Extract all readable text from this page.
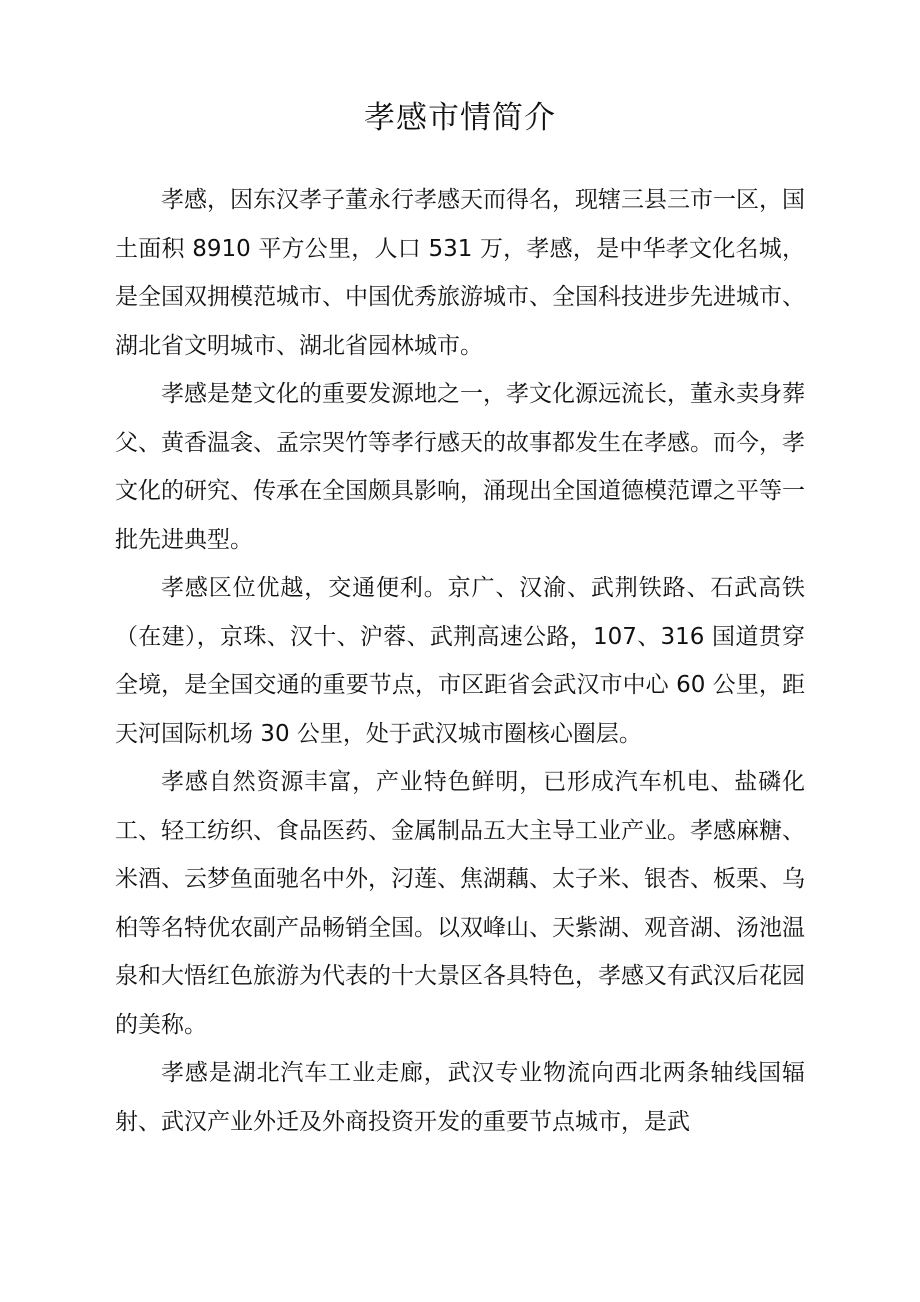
孝感市情简介

孝感，因东汉孝子董永行孝感天而得名，现辖三县三市一区，国土面积 8910 平方公里，人口 531 万，孝感，是中华孝文化名城，是全国双拥模范城市、中国优秀旅游城市、全国科技进步先进城市、湖北省文明城市、湖北省园林城市。

孝感是楚文化的重要发源地之一，孝文化源远流长，董永卖身葬父、黄香温衾、孟宗哭竹等孝行感天的故事都发生在孝感。而今，孝文化的研究、传承在全国颇具影响，涌现出全国道德模范谭之平等一批先进典型。

孝感区位优越，交通便利。京广、汉渝、武荆铁路、石武高铁（在建），京珠、汉十、沪蓉、武荆高速公路，107、316 国道贯穿全境，是全国交通的重要节点，市区距省会武汉市中心 60 公里，距天河国际机场 30 公里，处于武汉城市圈核心圈层。

孝感自然资源丰富，产业特色鲜明，已形成汽车机电、盐磷化工、轻工纺织、食品医药、金属制品五大主导工业产业。孝感麻糖、米酒、云梦鱼面驰名中外，汈莲、焦湖藕、太子米、银杏、板栗、乌桕等名特优农副产品畅销全国。以双峰山、天紫湖、观音湖、汤池温泉和大悟红色旅游为代表的十大景区各具特色，孝感又有武汉后花园的美称。

孝感是湖北汽车工业走廊，武汉专业物流向西北两条轴线国辐射、武汉产业外迁及外商投资开发的重要节点城市，是武
